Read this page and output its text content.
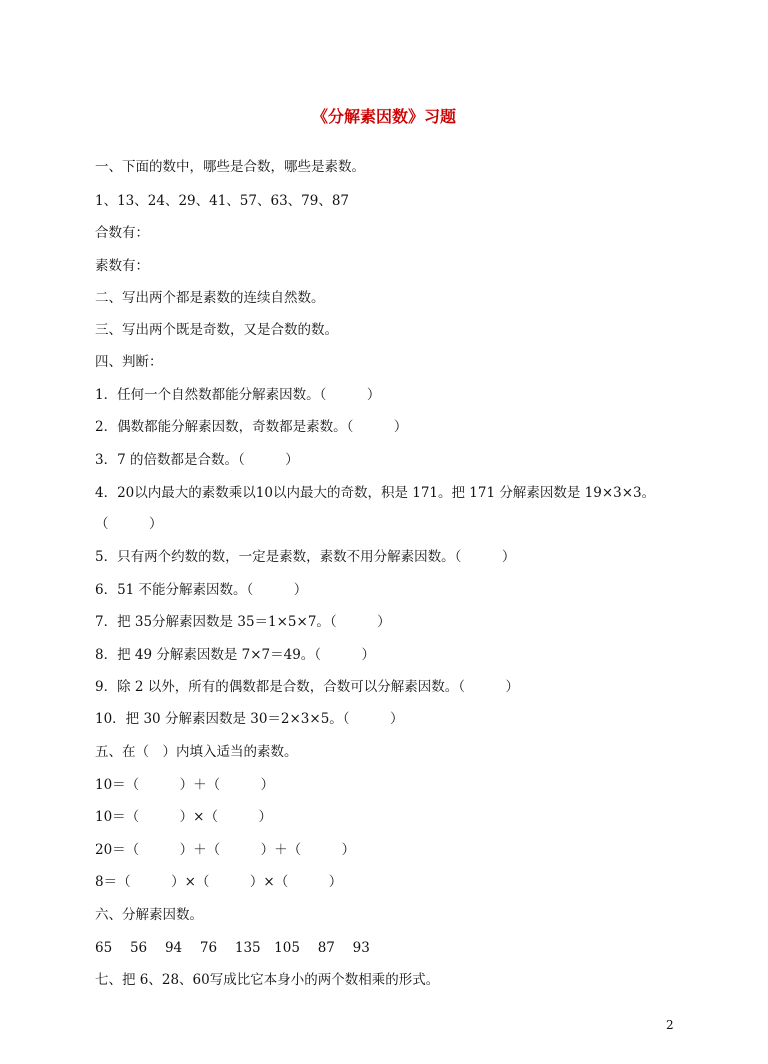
《分解素因数》习题
一、下面的数中，哪些是合数，哪些是素数。
1、13、24、29、41、57、63、79、87
合数有：
素数有：
二、写出两个都是素数的连续自然数。
三、写出两个既是奇数，又是合数的数。
四、判断：
1．任何一个自然数都能分解素因数。（　　　）
2．偶数都能分解素因数，奇数都是素数。（　　　）
3．7 的倍数都是合数。（　　　）
4．20以内最大的素数乘以10以内最大的奇数，积是 171。把 171 分解素因数是 19×3×3。
（　　　）
5．只有两个约数的数，一定是素数，素数不用分解素因数。（　　　）
6．51 不能分解素因数。（　　　）
7．把 35分解素因数是 35＝1×5×7。（　　　）
8．把 49 分解素因数是 7×7＝49。（　　　）
9．除 2 以外，所有的偶数都是合数，合数可以分解素因数。（　　　）
10．把 30 分解素因数是 30＝2×3×5。（　　　）
五、在（　）内填入适当的素数。
10＝（　　　）＋（　　　）
10＝（　　　）×（　　　）
20＝（　　　）＋（　　　）＋（　　　）
8＝（　　　）×（　　　）×（　　　）
六、分解素因数。
65　 56　 94　 76　 135　105　 87　 93
七、把 6、28、60写成比它本身小的两个数相乘的形式。
2
